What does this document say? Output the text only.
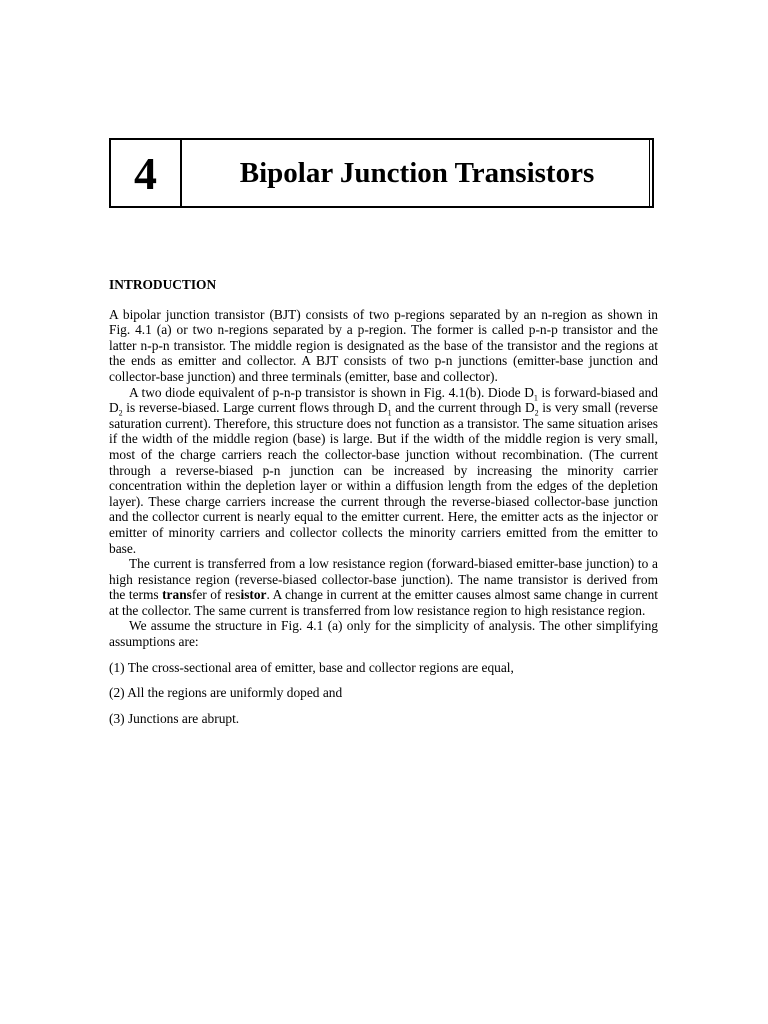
4	Bipolar Junction Transistors
INTRODUCTION

A bipolar junction transistor (BJT) consists of two p-regions separated by an n-region as shown in Fig. 4.1 (a) or two n-regions separated by a p-region. The former is called p-n-p transistor and the latter n-p-n transistor. The middle region is designated as the base of the transistor and the regions at the ends as emitter and collector. A BJT consists of two p-n junctions (emitter-base junction and collector-base junction) and three terminals (emitter, base and collector).

A two diode equivalent of p-n-p transistor is shown in Fig. 4.1(b). Diode $D_1$ is forward-biased and $D_2$ is reverse-biased. Large current flows through $D_1$ and the current through $D_2$ is very small (reverse saturation current). Therefore, this structure does not function as a transistor. The same situation arises if the width of the middle region (base) is large. But if the width of the middle region is very small, most of the charge carriers reach the collector-base junction without recombination. (The current through a reverse-biased p-n junction can be increased by increasing the minority carrier concentration within the depletion layer or within a diffusion length from the edges of the depletion layer). These charge carriers increase the current through the reverse-biased collector-base junction and the collector current is nearly equal to the emitter current. Here, the emitter acts as the injector or emitter of minority carriers and collector collects the minority carriers emitted from the emitter to base.

The current is transferred from a low resistance region (forward-biased emitter-base junction) to a high resistance region (reverse-biased collector-base junction). The name transistor is derived from the terms transfer of resistor. A change in current at the emitter causes almost same change in current at the collector. The same current is transferred from low resistance region to high resistance region.

We assume the structure in Fig. 4.1 (a) only for the simplicity of analysis. The other simplifying assumptions are:

(1) The cross-sectional area of emitter, base and collector regions are equal,
(2) All the regions are uniformly doped and
(3) Junctions are abrupt.
